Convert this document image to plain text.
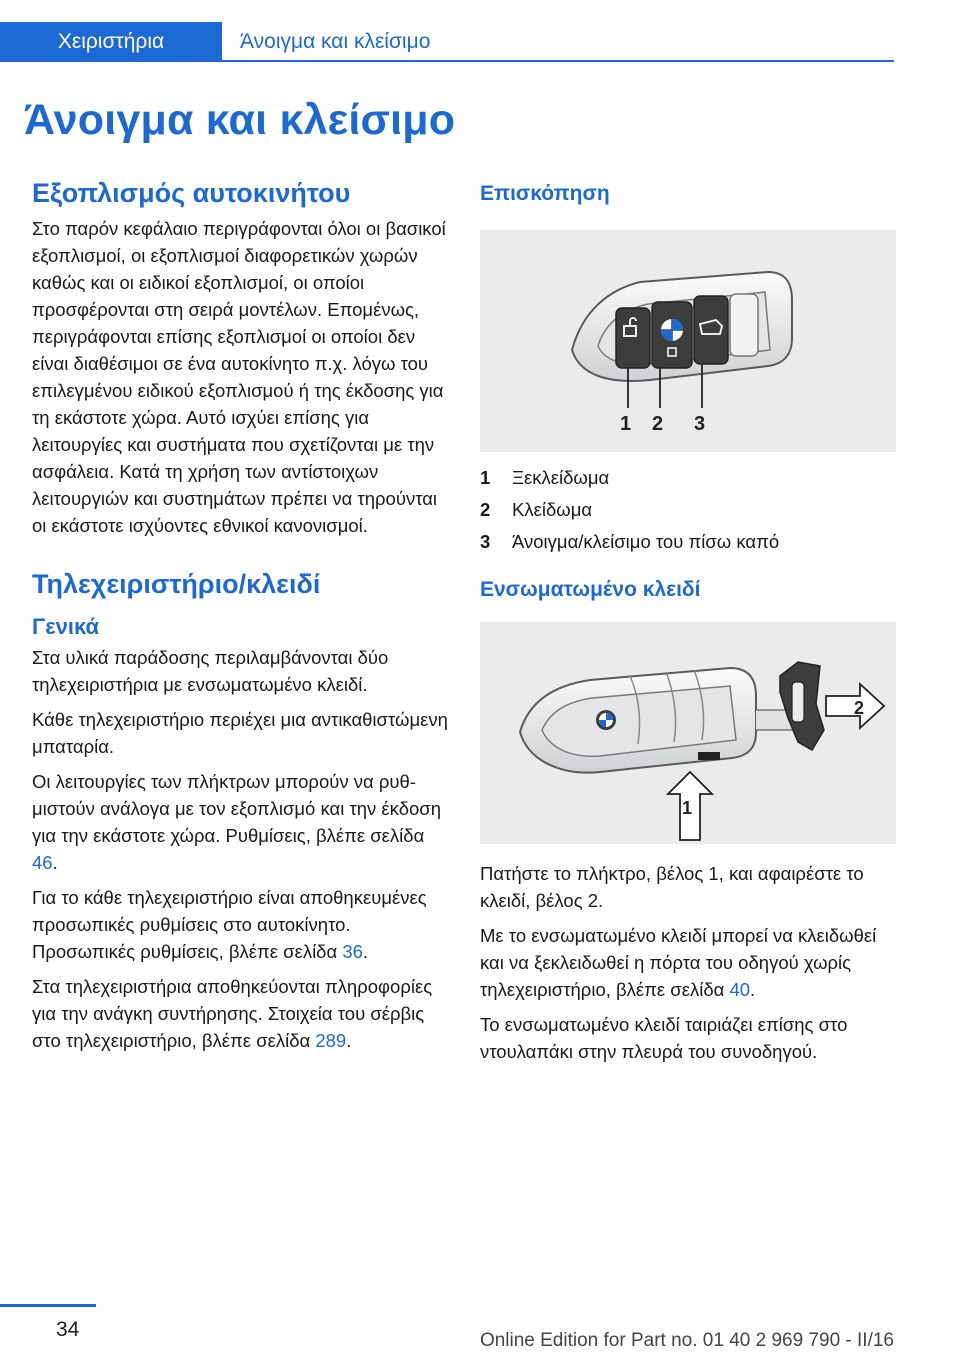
Χειριστήρια	Άνοιγμα και κλείσιμο
Άνοιγμα και κλείσιμο
Εξοπλισμός αυτοκινήτου

Στο παρόν κεφάλαιο περιγράφονται όλοι οι βασικοί εξοπλισμοί, οι εξοπλισμοί διαφορετικών χωρών καθώς και οι ειδικοί εξοπλισμοί, οι οποίοι προσφέρονται στη σειρά μοντέλων. Επομένως, περιγράφονται επίσης εξοπλισμοί οι οποίοι δεν είναι διαθέσιμοι σε ένα αυτοκίνητο π.χ. λόγω του επιλεγμένου ειδικού εξοπλισμού ή της έκδοσης για τη εκάστοτε χώρα. Αυτό ισχύει επίσης για λειτουργίες και συστήματα που σχετίζονται με την ασφάλεια. Κατά τη χρήση των αντίστοιχων λειτουργιών και συστημάτων πρέπει να τηρούνται οι εκάστοτε ισχύοντες εθνικοί κανονισμοί.

Τηλεχειριστήριο/κλειδί
Γενικά

Στα υλικά παράδοσης περιλαμβάνονται δύο τηλεχειριστήρια με ενσωματωμένο κλειδί.

Κάθε τηλεχειριστήριο περιέχει μια αντικαθιστώμενη μπαταρία.

Οι λειτουργίες των πλήκτρων μπορούν να ρυθμιστούν ανάλογα με τον εξοπλισμό και την έκδοση για την εκάστοτε χώρα. Ρυθμίσεις, βλέπε σελίδα 46.

Για το κάθε τηλεχειριστήριο είναι αποθηκευμένες προσωπικές ρυθμίσεις στο αυτοκίνητο. Προσωπικές ρυθμίσεις, βλέπε σελίδα 36.

Στα τηλεχειριστήρια αποθηκεύονται πληροφορίες για την ανάγκη συντήρησης. Στοιχεία του σέρβις στο τηλεχειριστήριο, βλέπε σελίδα 289.

Επισκόπηση
1 2 3
1	Ξεκλείδωμα
2	Κλείδωμα
3	Άνοιγμα/κλείσιμο του πίσω καπό
Ενσωματωμένο κλειδί
1
2

Πατήστε το πλήκτρο, βέλος 1, και αφαιρέστε το κλειδί, βέλος 2.

Με το ενσωματωμένο κλειδί μπορεί να κλειδωθεί και να ξεκλειδωθεί η πόρτα του οδηγού χωρίς τηλεχειριστήριο, βλέπε σελίδα 40.

Το ενσωματωμένο κλειδί ταιριάζει επίσης στο ντουλαπάκι στην πλευρά του συνοδηγού.

34	Online Edition for Part no. 01 40 2 969 790 - II/16
